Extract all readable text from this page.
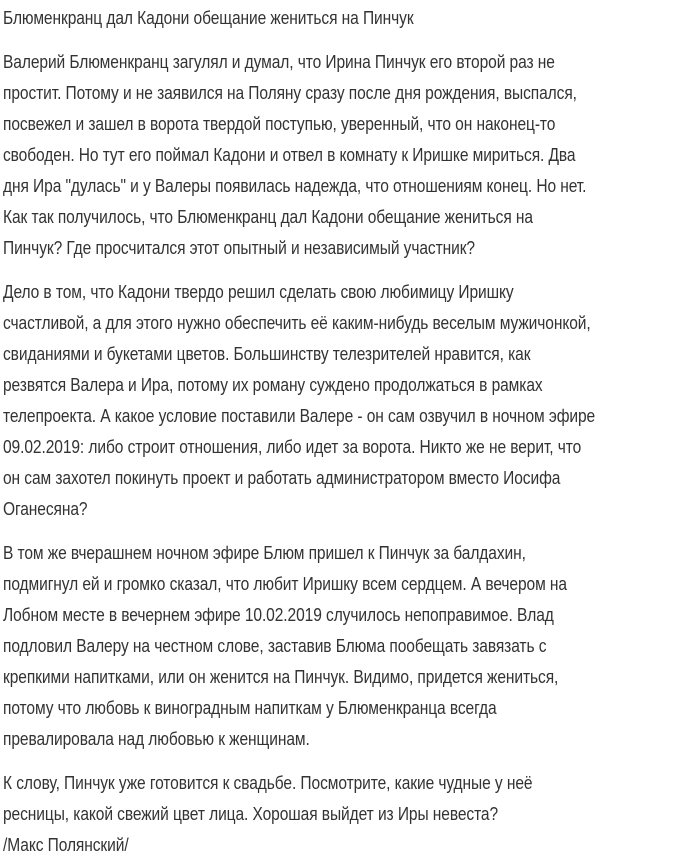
Блюменкранц дал Кадони обещание жениться на Пинчук
Валерий Блюменкранц загулял и думал, что Ирина Пинчук его второй раз не
простит. Потому и не заявился на Поляну сразу после дня рождения, выспался,
посвежел и зашел в ворота твердой поступью, уверенный, что он наконец-то
свободен. Но тут его поймал Кадони и отвел в комнату к Иришке мириться. Два
дня Ира "дулась" и у Валеры появилась надежда, что отношениям конец. Но нет.
Как так получилось, что Блюменкранц дал Кадони обещание жениться на
Пинчук? Где просчитался этот опытный и независимый участник?
Дело в том, что Кадони твердо решил сделать свою любимицу Иришку
счастливой, а для этого нужно обеспечить её каким-нибудь веселым мужичонкой,
свиданиями и букетами цветов. Большинству телезрителей нравится, как
резвятся Валера и Ира, потому их роману суждено продолжаться в рамках
телепроекта. А какое условие поставили Валере - он сам озвучил в ночном эфире
09.02.2019: либо строит отношения, либо идет за ворота. Никто же не верит, что
он сам захотел покинуть проект и работать администратором вместо Иосифа
Оганесяна?
В том же вчерашнем ночном эфире Блюм пришел к Пинчук за балдахин,
подмигнул ей и громко сказал, что любит Иришку всем сердцем. А вечером на
Лобном месте в вечернем эфире 10.02.2019 случилось непоправимое. Влад
подловил Валеру на честном слове, заставив Блюма пообещать завязать с
крепкими напитками, или он женится на Пинчук. Видимо, придется жениться,
потому что любовь к виноградным напиткам у Блюменкранца всегда
превалировала над любовью к женщинам.
К слову, Пинчук уже готовится к свадьбе. Посмотрите, какие чудные у неё
ресницы, какой свежий цвет лица. Хорошая выйдет из Иры невеста?
/Макс Полянский/
